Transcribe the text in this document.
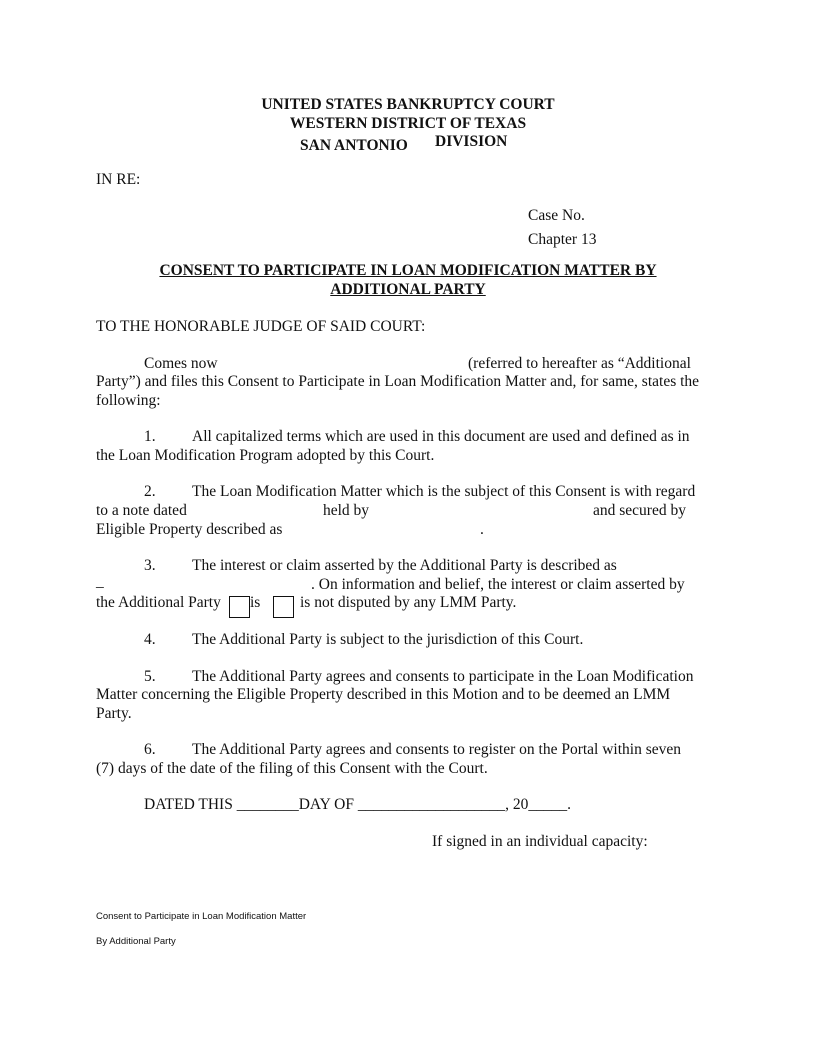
UNITED STATES BANKRUPTCY COURT
WESTERN DISTRICT OF TEXAS
SAN ANTONIO DIVISION
IN RE:
Case No.
Chapter 13
CONSENT TO PARTICIPATE IN LOAN MODIFICATION MATTER BY
ADDITIONAL PARTY
TO THE HONORABLE JUDGE OF SAID COURT:
Comes now	(referred to hereafter as “Additional
Party”) and files this Consent to Participate in Loan Modification Matter and, for same, states the
following:
1. All capitalized terms which are used in this document are used and defined as in
the Loan Modification Program adopted by this Court.
2. The Loan Modification Matter which is the subject of this Consent is with regard
to a note dated	held by	and secured by
Eligible Property described as	.
3. The interest or claim asserted by the Additional Party is described as
_	. On information and belief, the interest or claim asserted by
the Additional Party is	is not disputed by any LMM Party.
4. The Additional Party is subject to the jurisdiction of this Court.
5. The Additional Party agrees and consents to participate in the Loan Modification
Matter concerning the Eligible Property described in this Motion and to be deemed an LMM
Party.
6. The Additional Party agrees and consents to register on the Portal within seven
(7) days of the date of the filing of this Consent with the Court.
DATED THIS ________DAY OF ___________________, 20_____.
If signed in an individual capacity:
Consent to Participate in Loan Modification Matter
By Additional Party
